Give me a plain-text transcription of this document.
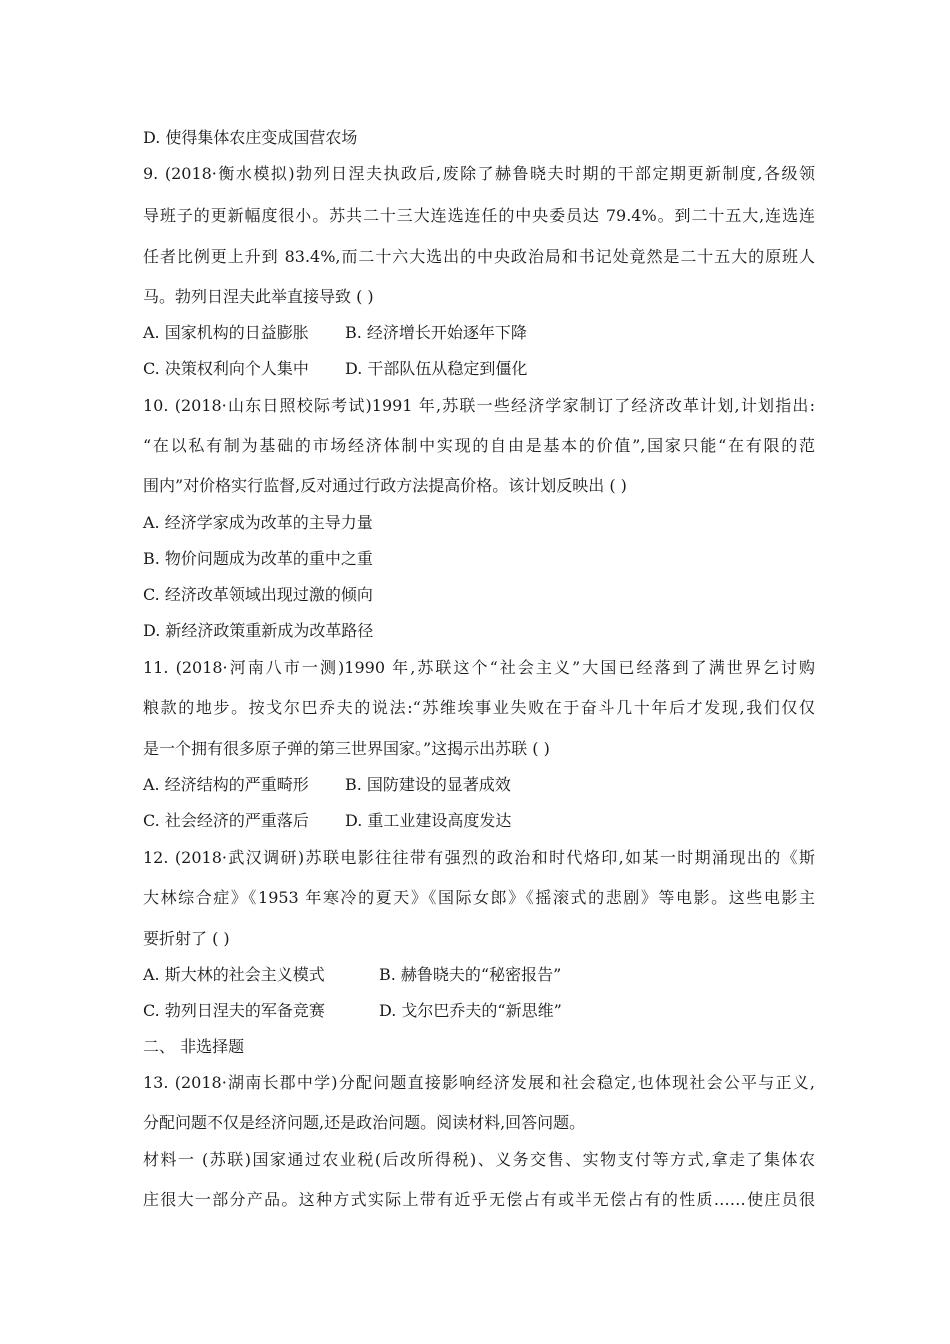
D. 使得集体农庄变成国营农场
9. (2018·衡水模拟)勃列日涅夫执政后,废除了赫鲁晓夫时期的干部定期更新制度,各级领
导班子的更新幅度很小。苏共二十三大连选连任的中央委员达 79.4%。到二十五大,连选连
任者比例更上升到 83.4%,而二十六大选出的中央政治局和书记处竟然是二十五大的原班人
马。勃列日涅夫此举直接导致 ( )
A. 国家机构的日益膨胀 B. 经济增长开始逐年下降
C. 决策权利向个人集中 D. 干部队伍从稳定到僵化
10. (2018·山东日照校际考试)1991 年,苏联一些经济学家制订了经济改革计划,计划指出:
“在以私有制为基础的市场经济体制中实现的自由是基本的价值”,国家只能“在有限的范
围内”对价格实行监督,反对通过行政方法提高价格。该计划反映出 ( )
A. 经济学家成为改革的主导力量
B. 物价问题成为改革的重中之重
C. 经济改革领域出现过激的倾向
D. 新经济政策重新成为改革路径
11. (2018·河南八市一测)1990 年,苏联这个“社会主义”大国已经落到了满世界乞讨购
粮款的地步。按戈尔巴乔夫的说法:“苏维埃事业失败在于奋斗几十年后才发现,我们仅仅
是一个拥有很多原子弹的第三世界国家。”这揭示出苏联 ( )
A. 经济结构的严重畸形 B. 国防建设的显著成效
C. 社会经济的严重落后 D. 重工业建设高度发达
12. (2018·武汉调研)苏联电影往往带有强烈的政治和时代烙印,如某一时期涌现出的《斯
大林综合症》《1953 年寒冷的夏天》《国际女郎》《摇滚式的悲剧》等电影。这些电影主
要折射了 ( )
A. 斯大林的社会主义模式	B. 赫鲁晓夫的“秘密报告”
C. 勃列日涅夫的军备竞赛	D. 戈尔巴乔夫的“新思维”
二、 非选择题
13. (2018·湖南长郡中学)分配问题直接影响经济发展和社会稳定,也体现社会公平与正义,
分配问题不仅是经济问题,还是政治问题。阅读材料,回答问题。
材料一 (苏联)国家通过农业税(后改所得税)、义务交售、实物支付等方式,拿走了集体农
庄很大一部分产品。这种方式实际上带有近乎无偿占有或半无偿占有的性质……使庄员很
